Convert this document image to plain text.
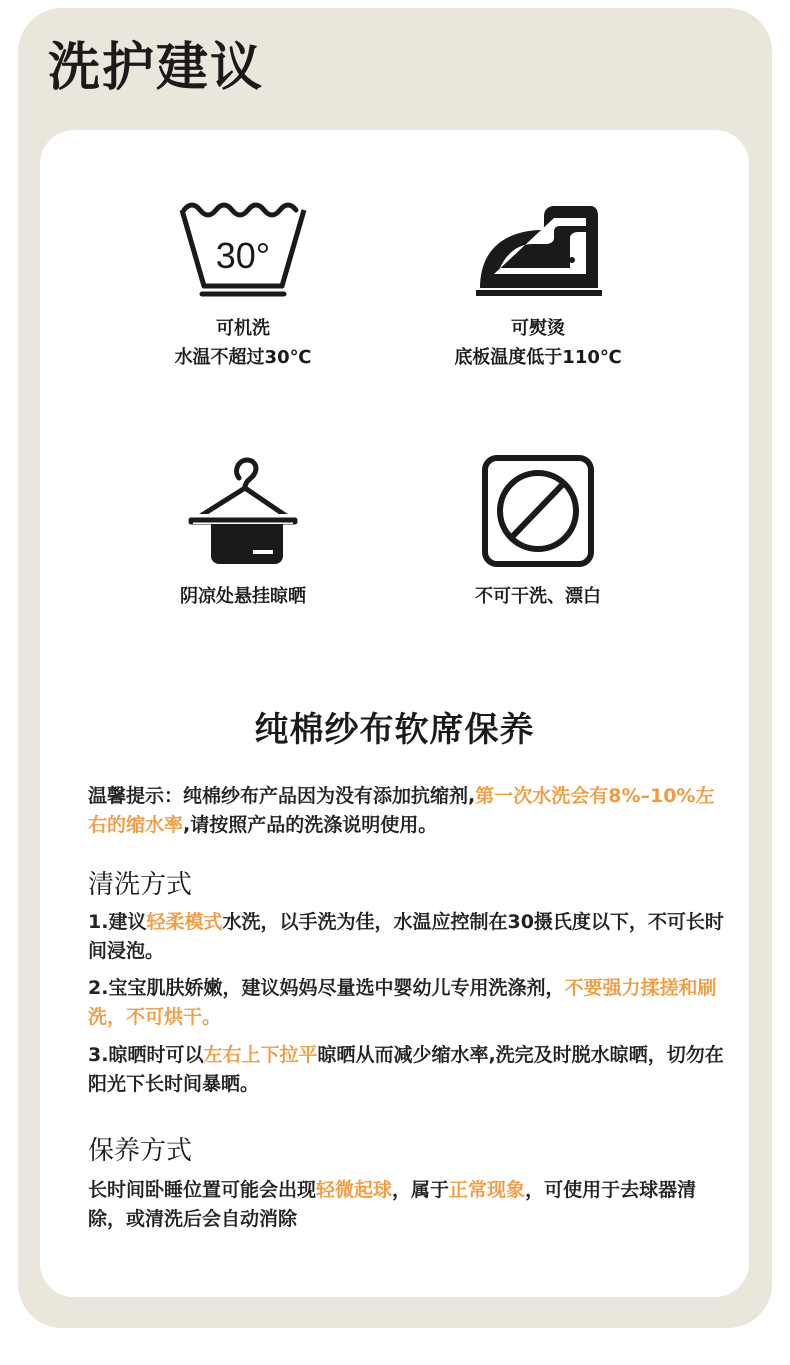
洗护建议
30°
可机洗
水温不超过30℃
可熨烫
底板温度低于110℃
阴凉处悬挂晾晒	不可干洗、漂白
纯棉纱布软席保养

温馨提示：纯棉纱布产品因为没有添加抗缩剂,第一次水洗会有8%–10%左右的缩水率,请按照产品的洗涤说明使用。

清洗方式

1.建议轻柔模式水洗，以手洗为佳，水温应控制在30摄氏度以下，不可长时间浸泡。

2.宝宝肌肤娇嫩，建议妈妈尽量选中婴幼儿专用洗涤剂，不要强力揉搓和刷洗，不可烘干。

3.晾晒时可以左右上下拉平晾晒从而减少缩水率,洗完及时脱水晾晒，切勿在阳光下长时间暴晒。

保养方式

长时间卧睡位置可能会出现轻微起球，属于正常现象，可使用于去球器清除，或清洗后会自动消除
